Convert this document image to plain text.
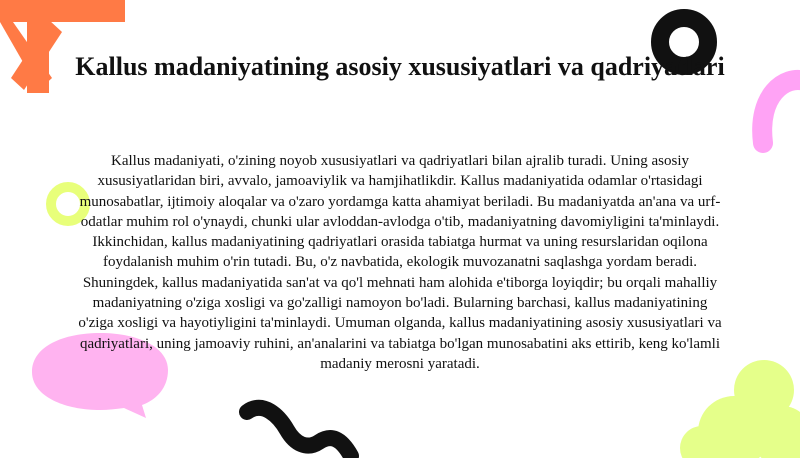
Kallus madaniyatining asosiy xususiyatlari va qadriyatlari

Kallus madaniyati, o'zining noyob xususiyatlari va qadriyatlari bilan ajralib turadi. Uning asosiy xususiyatlaridan biri, avvalo, jamoaviylik va hamjihatlikdir. Kallus madaniyatida odamlar o'rtasidagi munosabatlar, ijtimoiy aloqalar va o'zaro yordamga katta ahamiyat beriladi. Bu madaniyatda an'ana va urf-odatlar muhim rol o'ynaydi, chunki ular avloddan-avlodga o'tib, madaniyatning davomiyligini ta'minlaydi. Ikkinchidan, kallus madaniyatining qadriyatlari orasida tabiatga hurmat va uning resurslaridan oqilona foydalanish muhim o'rin tutadi. Bu, o'z navbatida, ekologik muvozanatni saqlashga yordam beradi. Shuningdek, kallus madaniyatida san'at va qo'l mehnati ham alohida e'tiborga loyiqdir; bu orqali mahalliy madaniyatning o'ziga xosligi va go'zalligi namoyon bo'ladi. Bularning barchasi, kallus madaniyatining o'ziga xosligi va hayotiyligini ta'minlaydi. Umuman olganda, kallus madaniyatining asosiy xususiyatlari va qadriyatlari, uning jamoaviy ruhini, an'analarini va tabiatga bo'lgan munosabatini aks ettirib, keng ko'lamli madaniy merosni yaratadi.
